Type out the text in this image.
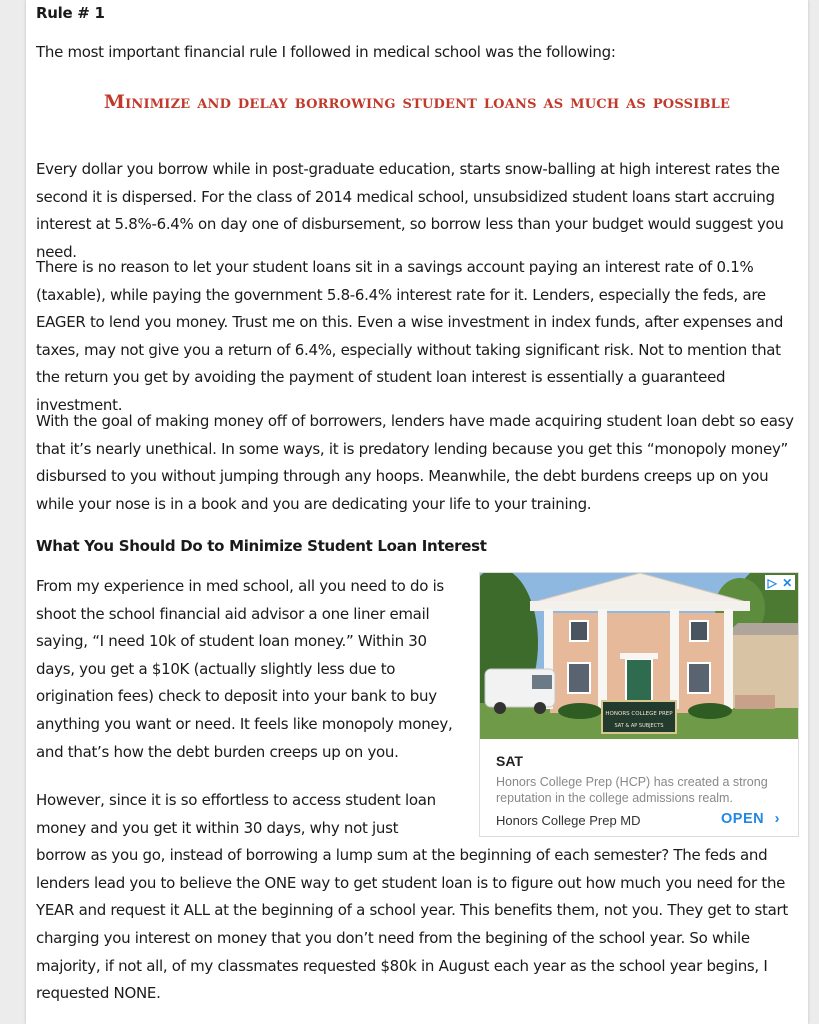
Rule # 1
The most important financial rule I followed in medical school was the following:
Minimize and delay borrowing student loans as much as possible

Every dollar you borrow while in post-graduate education, starts snow-balling at high interest rates the second it is dispersed. For the class of 2014 medical school, unsubsidized student loans start accruing interest at 5.8%-6.4% on day one of disbursement, so borrow less than your budget would suggest you need.

There is no reason to let your student loans sit in a savings account paying an interest rate of 0.1% (taxable), while paying the government 5.8-6.4% interest rate for it. Lenders, especially the feds, are EAGER to lend you money. Trust me on this. Even a wise investment in index funds, after expenses and taxes, may not give you a return of 6.4%, especially without taking significant risk. Not to mention that the return you get by avoiding the payment of student loan interest is essentially a guaranteed investment.

With the goal of making money off of borrowers, lenders have made acquiring student loan debt so easy that it’s nearly unethical. In some ways, it is predatory lending because you get this “monopoly money” disbursed to you without jumping through any hoops. Meanwhile, the debt burdens creeps up on you while your nose is in a book and you are dedicating your life to your training.

What You Should Do to Minimize Student Loan Interest

From my experience in med school, all you need to do is shoot the school financial aid advisor a one liner email saying, “I need 10k of student loan money.” Within 30 days, you get a $10K (actually slightly less due to origination fees) check to deposit into your bank to buy anything you want or need. It feels like monopoly money, and that’s how the debt burden creeps up on you.

However, since it is so effortless to access student loan money and you get it within 30 days, why not just borrow as you go, instead of borrowing a lump sum at the beginning of each semester? The feds and lenders lead you to believe the ONE way to get student loan is to figure out how much you need for the YEAR and request it ALL at the beginning of a school year. This benefits them, not you. They get to start charging you interest on money that you don’t need from the begining of the school year. So while majority, if not all, of my classmates requested $80k in August each year as the school year begins, I requested NONE.
HONORS COLLEGE PREP
SAT & AP SUBJECTS
▷ ✕
SAT
Honors College Prep (HCP) has created a strong reputation in the college admissions realm.
Honors College Prep MD	OPEN ›
